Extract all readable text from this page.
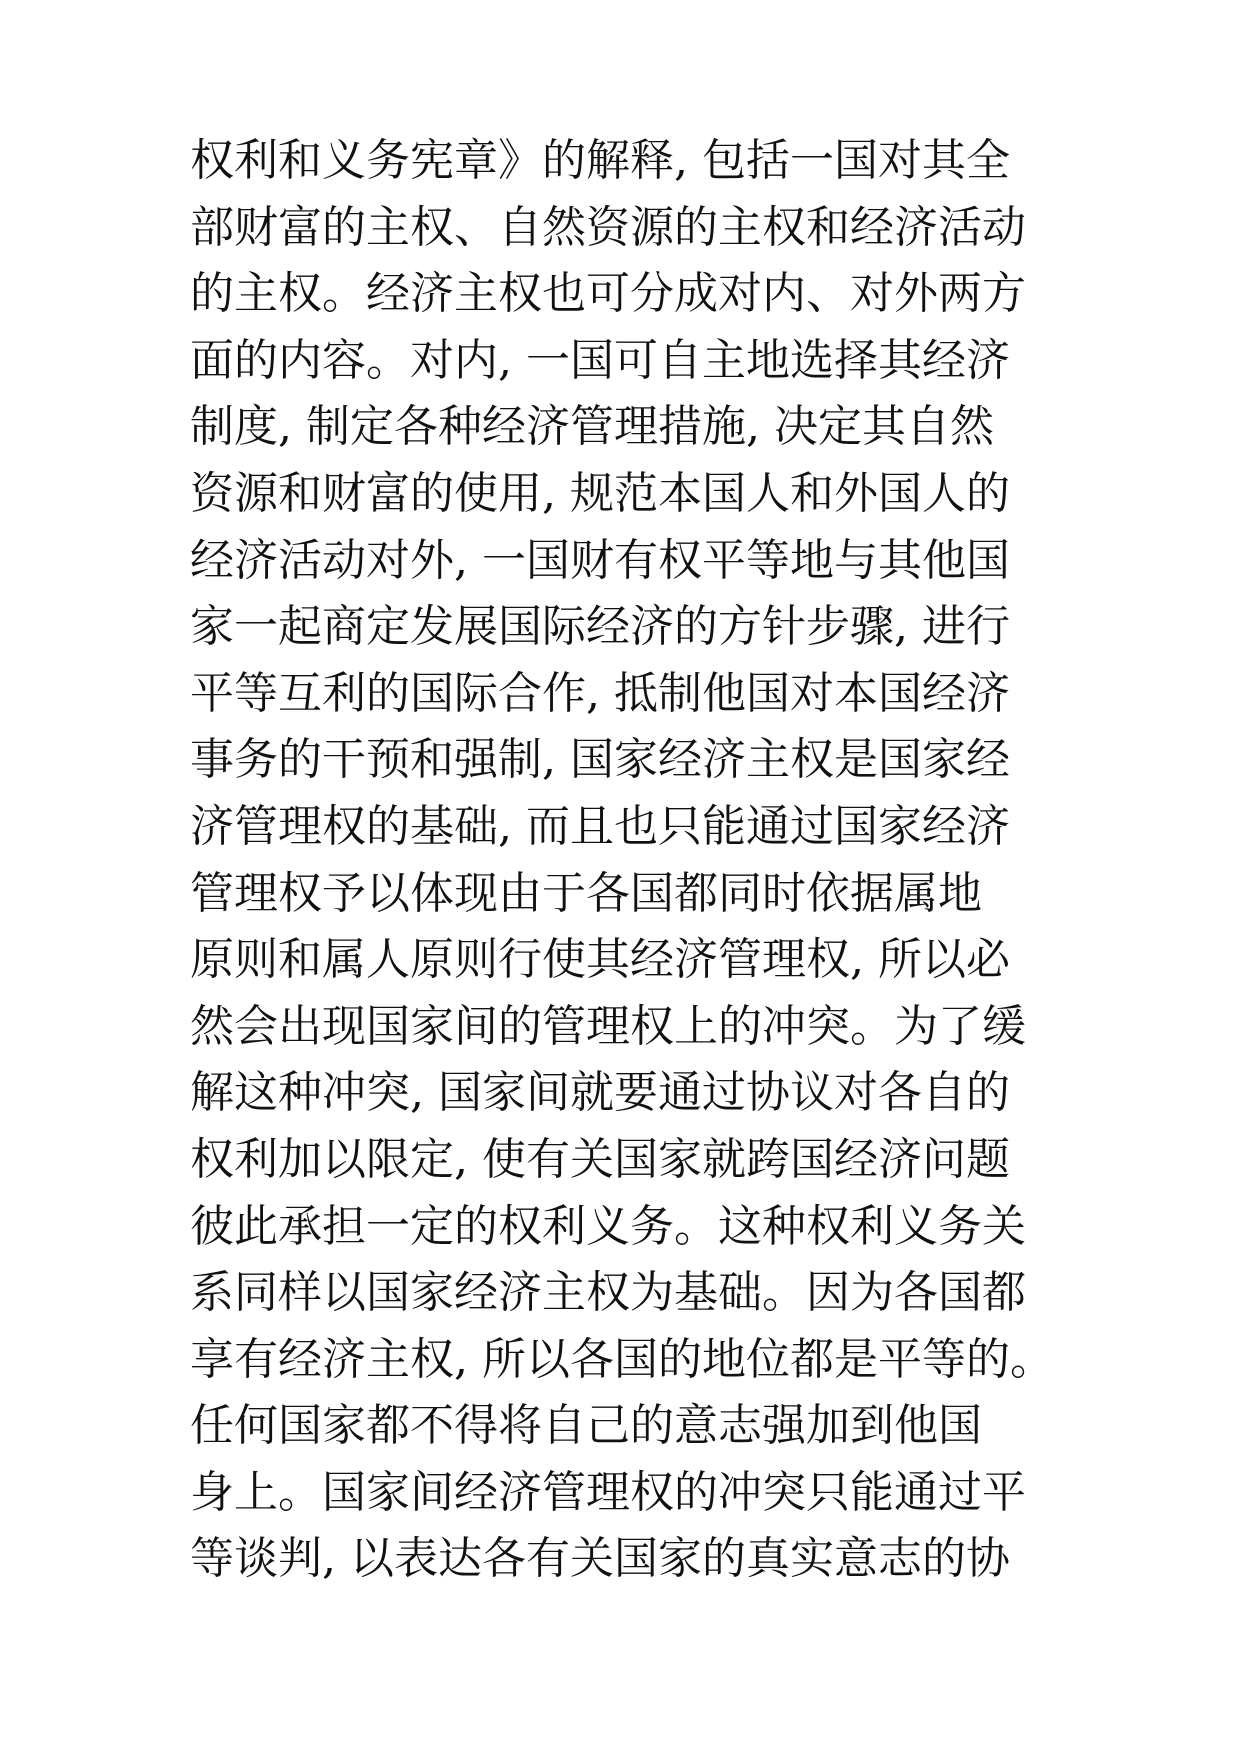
权利和义务宪章》的解释, 包括一国对其全
部财富的主权、自然资源的主权和经济活动
的主权。经济主权也可分成对内、对外两方
面的内容。对内, 一国可自主地选择其经济
制度, 制定各种经济管理措施, 决定其自然
资源和财富的使用, 规范本国人和外国人的
经济活动对外, 一国财有权平等地与其他国
家一起商定发展国际经济的方针步骤, 进行
平等互利的国际合作, 抵制他国对本国经济
事务的干预和强制, 国家经济主权是国家经
济管理权的基础, 而且也只能通过国家经济
管理权予以体现由于各国都同时依据属地
原则和属人原则行使其经济管理权, 所以必
然会出现国家间的管理权上的冲突。为了缓
解这种冲突, 国家间就要通过协议对各自的
权利加以限定, 使有关国家就跨国经济问题
彼此承担一定的权利义务。这种权利义务关
系同样以国家经济主权为基础。因为各国都
享有经济主权, 所以各国的地位都是平等的。
任何国家都不得将自己的意志强加到他国
身上。国家间经济管理权的冲突只能通过平
等谈判, 以表达各有关国家的真实意志的协
